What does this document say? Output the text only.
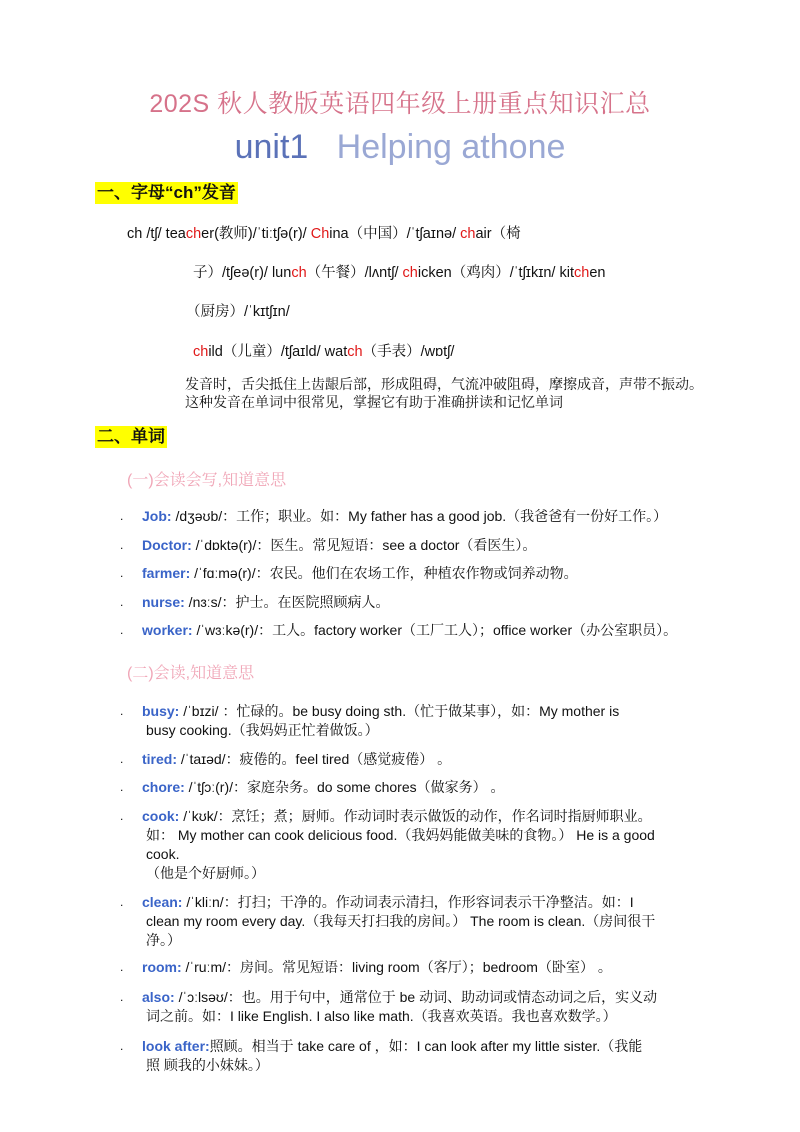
202S 秋人教版英语四年级上册重点知识汇总
unit1 Helping athone
一、字母“ch”发音
ch /tʃ/ teacher(教师)/ˈtiːtʃə(r)/ China（中国）/ˈtʃaɪnə/ chair（椅
子）/tʃeə(r)/ lunch（午餐）/lʌntʃ/ chicken（鸡肉）/ˈtʃɪkɪn/ kitchen
（厨房）/ˈkɪtʃɪn/
child（儿童）/tʃaɪld/ watch（手表）/wɒtʃ/
发音时，舌尖抵住上齿龈后部，形成阻碍，气流冲破阻碍，摩擦成音，声带不振动。这种发音在单词中很常见，掌握它有助于准确拼读和记忆单词
二、单词
(一)会读会写,知道意思
. Job: /dʒəʊb/：工作；职业。如：My father has a good job.（我爸爸有一份好工作。）
. Doctor: /ˈdɒktə(r)/：医生。常见短语：see a doctor（看医生）。
. farmer: /ˈfɑːmə(r)/：农民。他们在农场工作，种植农作物或饲养动物。
. nurse: /nɜːs/：护士。在医院照顾病人。
. worker: /ˈwɜːkə(r)/：工人。factory worker（工厂工人）；office worker（办公室职员）。
(二)会读,知道意思
. busy: /ˈbɪzi/ ：忙碌的。be busy doing sth.（忙于做某事），如：My mother is
busy cooking.（我妈妈正忙着做饭。）
. tired: /ˈtaɪəd/：疲倦的。feel tired（感觉疲倦） 。
. chore: /ˈtʃɔː(r)/：家庭杂务。do some chores（做家务） 。
. cook: /ˈkʊk/：烹饪；煮；厨师。作动词时表示做饭的动作，作名词时指厨师职业。
如： My mother can cook delicious food.（我妈妈能做美味的食物。） He is a good
cook.
（他是个好厨师。）
. clean: /ˈkliːn/：打扫；干净的。作动词表示清扫，作形容词表示干净整洁。如：I
clean my room every day.（我每天打扫我的房间。） The room is clean.（房间很干
净。）
. room: /ˈruːm/：房间。常见短语：living room（客厅）；bedroom（卧室） 。
. also: /ˈɔːlsəʊ/：也。用于句中，通常位于 be 动词、助动词或情态动词之后，实义动
词之前。如：I like English. I also like math.（我喜欢英语。我也喜欢数学。）
. look after:照顾。相当于 take care of ，如：I can look after my little sister.（我能
照 顾我的小妹妹。）
